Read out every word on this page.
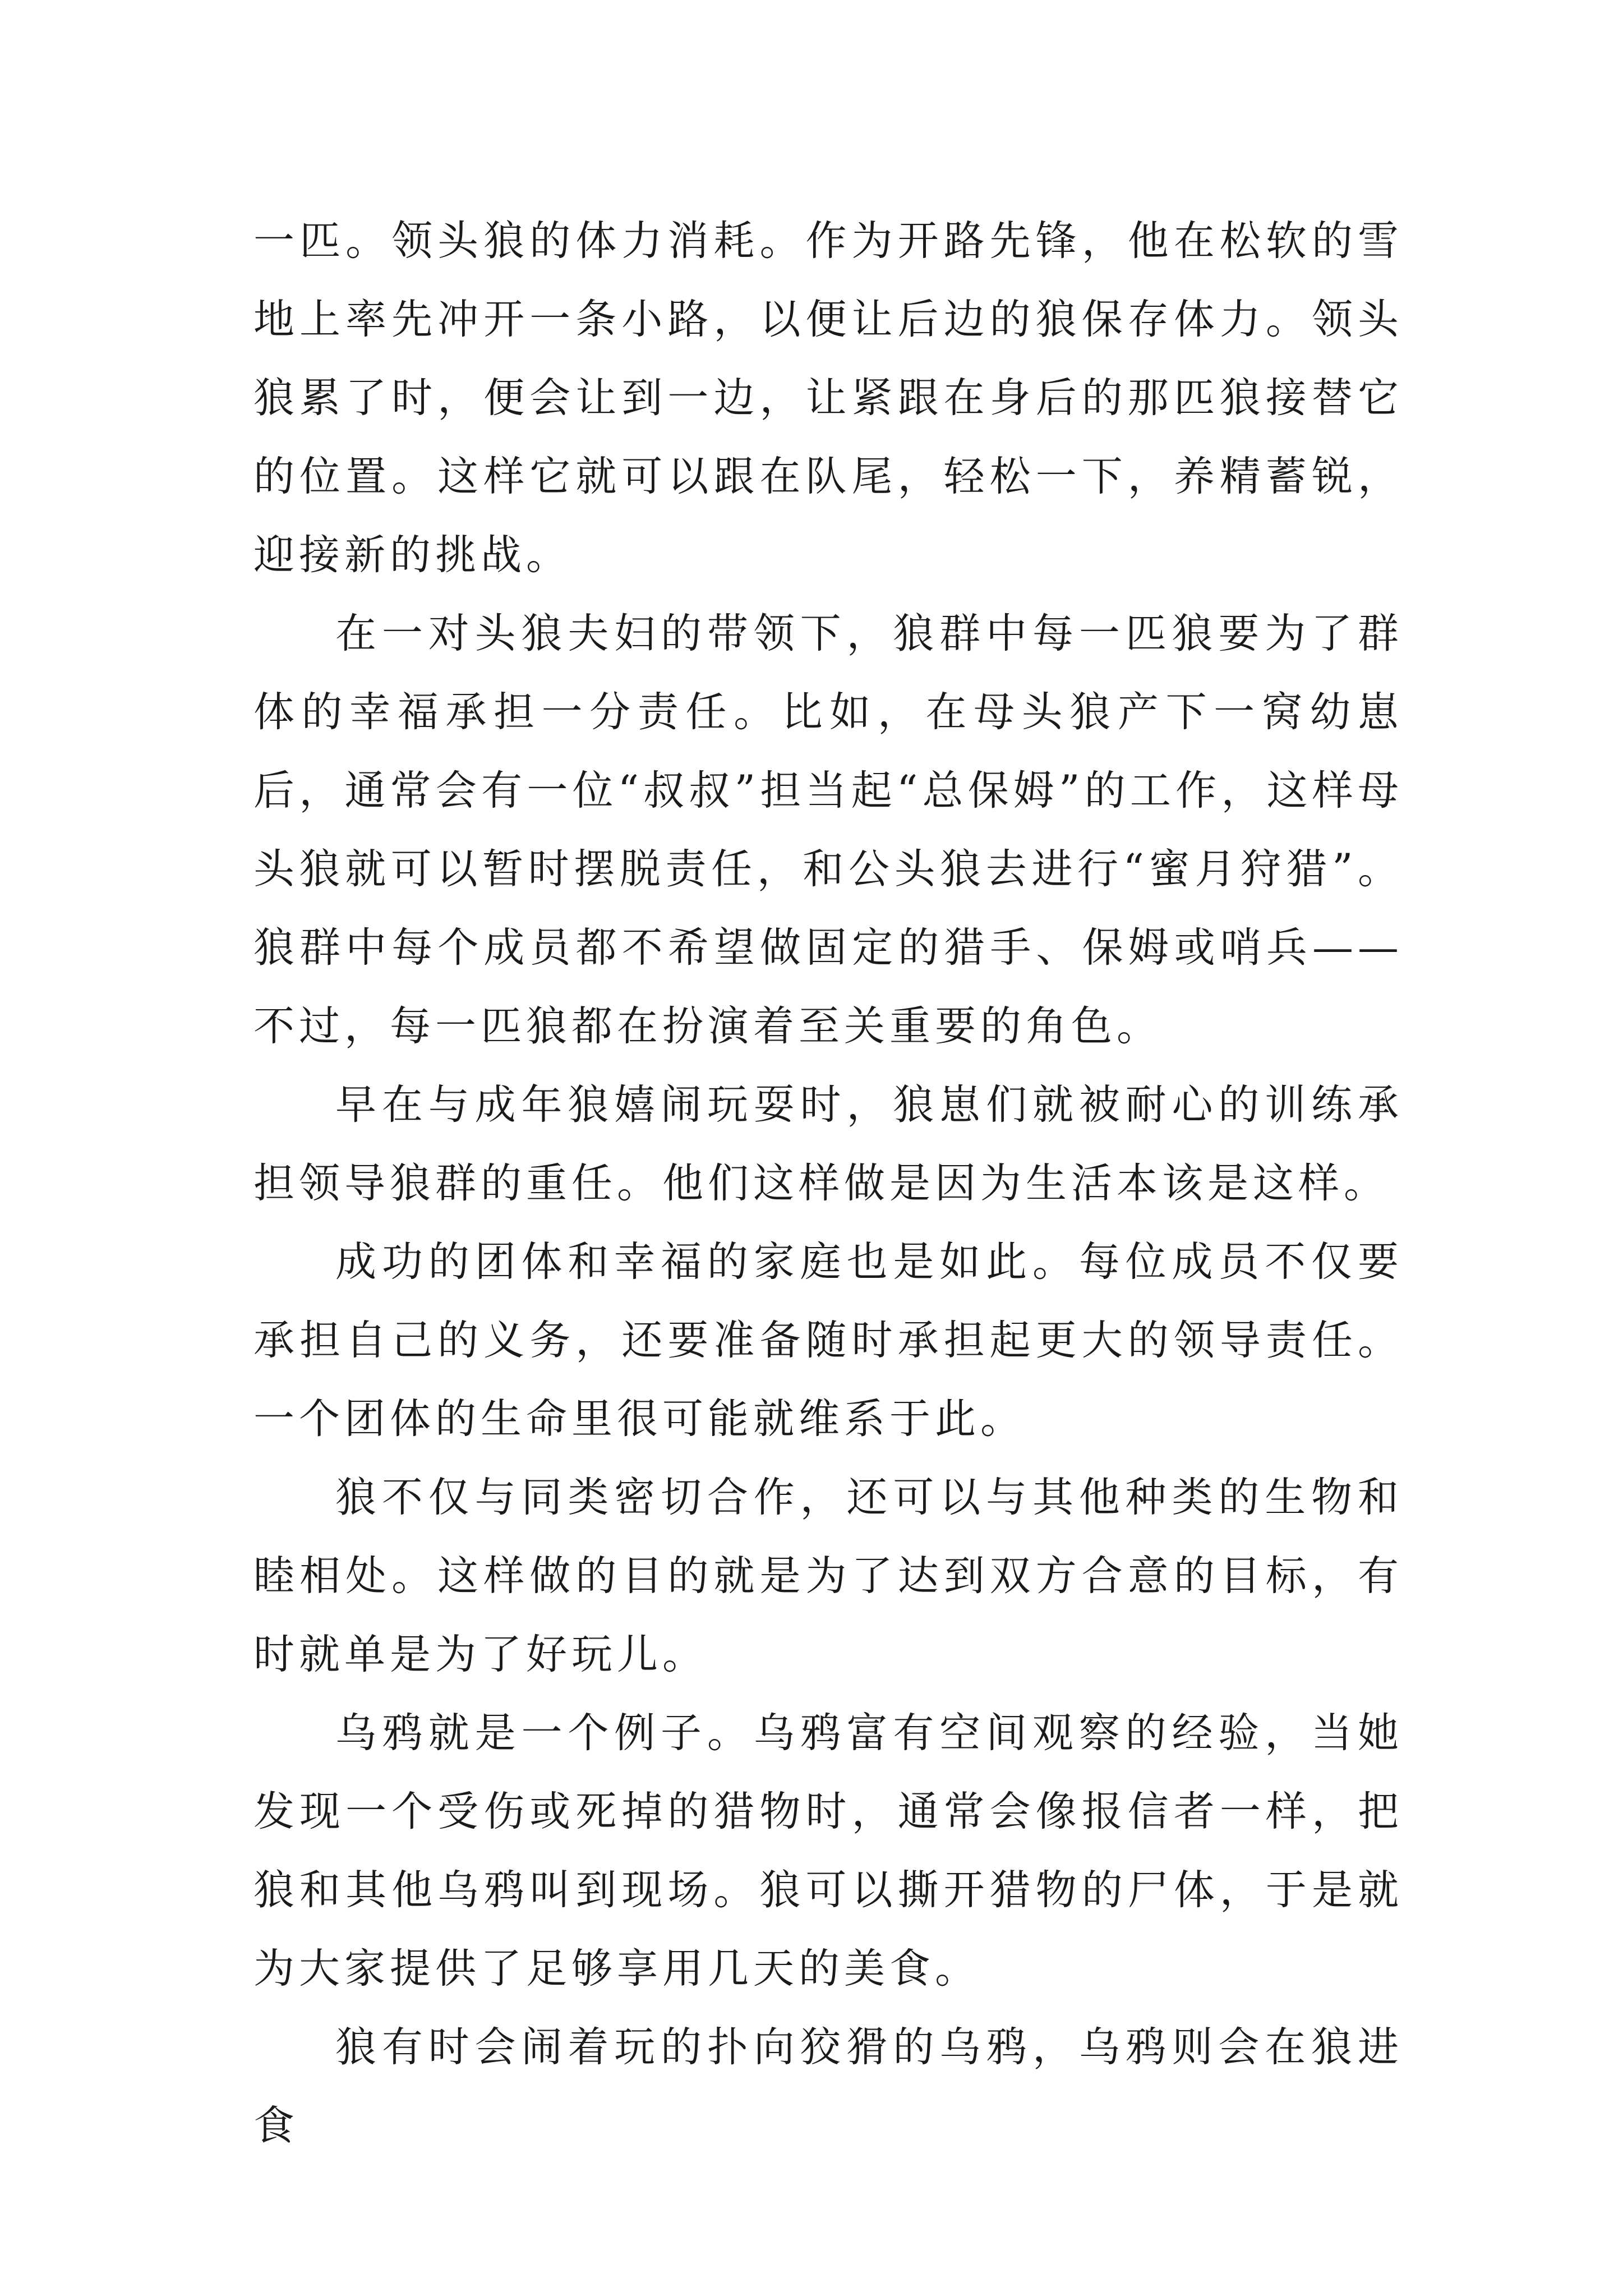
一匹。领头狼的体力消耗。作为开路先锋，他在松软的雪地上率先冲开一条小路，以便让后边的狼保存体力。领头狼累了时，便会让到一边，让紧跟在身后的那匹狼接替它的位置。这样它就可以跟在队尾，轻松一下，养精蓄锐，迎接新的挑战。

在一对头狼夫妇的带领下，狼群中每一匹狼要为了群体的幸福承担一分责任。比如，在母头狼产下一窝幼崽后，通常会有一位“叔叔”担当起“总保姆”的工作，这样母头狼就可以暂时摆脱责任，和公头狼去进行“蜜月狩猎”。狼群中每个成员都不希望做固定的猎手、保姆或哨兵——不过，每一匹狼都在扮演着至关重要的角色。

早在与成年狼嬉闹玩耍时，狼崽们就被耐心的训练承担领导狼群的重任。他们这样做是因为生活本该是这样。

成功的团体和幸福的家庭也是如此。每位成员不仅要承担自己的义务，还要准备随时承担起更大的领导责任。一个团体的生命里很可能就维系于此。

狼不仅与同类密切合作，还可以与其他种类的生物和睦相处。这样做的目的就是为了达到双方合意的目标，有时就单是为了好玩儿。

乌鸦就是一个例子。乌鸦富有空间观察的经验，当她发现一个受伤或死掉的猎物时，通常会像报信者一样，把狼和其他乌鸦叫到现场。狼可以撕开猎物的尸体，于是就为大家提供了足够享用几天的美食。

狼有时会闹着玩的扑向狡猾的乌鸦，乌鸦则会在狼进食
